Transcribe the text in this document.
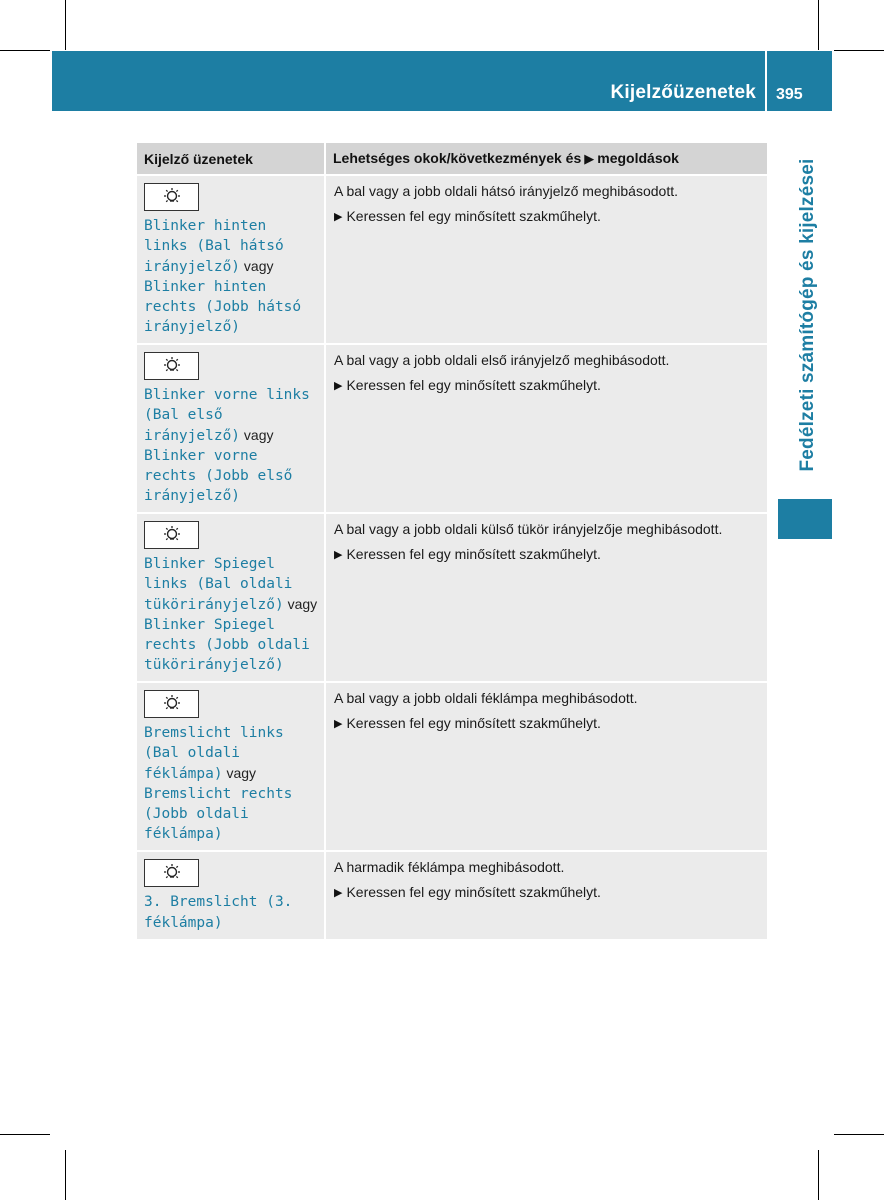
Kijelzőüzenetek 395
Fedélzeti számítógép és kijelzései
Kijelző üzenetek	Lehetséges okok/következmények és ▶ megoldások

Blinker hinten links (Bal hátsó irányjelző) vagy Blinker hinten rechts (Jobb hátsó irányjelző)	A bal vagy a jobb oldali hátsó irányjelző meghibásodott.
▶ Keressen fel egy minősített szakműhelyt.

Blinker vorne links (Bal első irányjelző) vagy Blinker vorne rechts (Jobb első irányjelző)	A bal vagy a jobb oldali első irányjelző meghibásodott.
▶ Keressen fel egy minősített szakműhelyt.

Blinker Spiegel links (Bal oldali tükörirányjelző) vagy Blinker Spiegel rechts (Jobb oldali tükörirányjelző)	A bal vagy a jobb oldali külső tükör irányjelzője meghibásodott.
▶ Keressen fel egy minősített szakműhelyt.

Bremslicht links (Bal oldali féklámpa) vagy Bremslicht rechts (Jobb oldali féklámpa)	A bal vagy a jobb oldali féklámpa meghibásodott.
▶ Keressen fel egy minősített szakműhelyt.

3. Bremslicht (3. féklámpa)	A harmadik féklámpa meghibásodott.
▶ Keressen fel egy minősített szakműhelyt.
